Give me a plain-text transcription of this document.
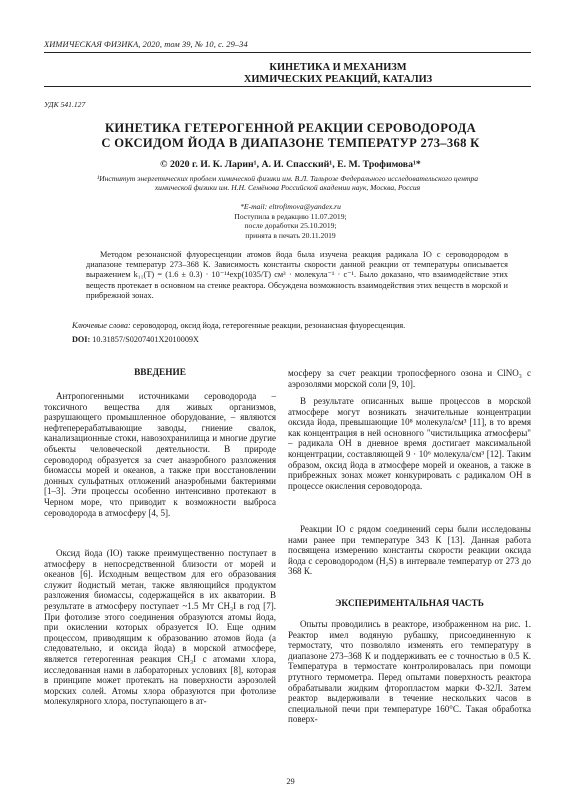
ХИМИЧЕСКАЯ ФИЗИКА, 2020, том 39, № 10, с. 29–34
КИНЕТИКА И МЕХАНИЗМ
ХИМИЧЕСКИХ РЕАКЦИЙ, КАТАЛИЗ
УДК 541.127
КИНЕТИКА ГЕТЕРОГЕННОЙ РЕАКЦИИ СЕРОВОДОРОДА
С ОКСИДОМ ЙОДА В ДИАПАЗОНЕ ТЕМПЕРАТУР 273–368 К
© 2020 г. И. К. Ларин¹, А. И. Спасский¹, Е. М. Трофимова¹*
¹Институт энергетических проблем химической физики им. В.Л. Тальрозе Федерального исследовательского центра
химической физики им. Н.Н. Семёнова Российской академии наук, Москва, Россия
*E-mail: eltrofimova@yandex.ru
Поступила в редакцию 11.07.2019;
после доработки 25.10.2019;
принята в печать 20.11.2019
Методом резонансной флуоресценции атомов йода была изучена реакция радикала IO с сероводородом в диапазоне температур 273–368 К. Зависимость константы скорости данной реакции от температуры описывается выражением k₁₁(T) = (1.6 ± 0.3) · 10⁻¹⁴exp(1035/T) см³ · молекула⁻¹ · с⁻¹. Было доказано, что взаимодействие этих веществ протекает в основном на стенке реактора. Обсуждена возможность взаимодействия этих веществ в морской и прибрежной зонах.
Ключевые слова: сероводород, оксид йода, гетерогенные реакции, резонансная флуоресценция.
DOI: 10.31857/S0207401X2010009X
ВВЕДЕНИЕ
Антропогенными источниками сероводорода – токсичного вещества для живых организмов, разрушающего промышленное оборудование, – являются нефтеперерабатывающие заводы, гниение свалок, канализационные стоки, навозохранилища и многие другие объекты человеческой деятельности. В природе сероводород образуется за счет анаэробного разложения биомассы морей и океанов, а также при восстановлении донных сульфатных отложений анаэробными бактериями [1–3]. Эти процессы особенно интенсивно протекают в Черном море, что приводит к возможности выброса сероводорода в атмосферу [4, 5].
Оксид йода (IO) также преимущественно поступает в атмосферу в непосредственной близости от морей и океанов [6]. Исходным веществом для его образования служит йодистый метан, также являющийся продуктом разложения биомассы, содержащейся в их акватории. В результате в атмосферу поступает ~1.5 Мт CH₃I в год [7]. При фотолизе этого соединения образуются атомы йода, при окислении которых образуется IO. Еще одним процессом, приводящим к образованию атомов йода (а следовательно, и оксида йода) в морской атмосфере, является гетерогенная реакция CH₃I с атомами хлора, исследованная нами в лабораторных условиях [8], которая в принципе может протекать на поверхности аэрозолей морских солей. Атомы хлора образуются при фотолизе молекулярного хлора, поступающего в ат-
мосферу за счет реакции тропосферного озона и ClNO₃ с аэрозолями морской соли [9, 10].
В результате описанных выше процессов в морской атмосфере могут возникать значительные концентрации оксида йода, превышающие 10⁸ молекула/см³ [11], в то время как концентрация в ней основного "чистильщика атмосферы" – радикала OH в дневное время достигает максимальной концентрации, составляющей 9 · 10⁶ молекула/см³ [12]. Таким образом, оксид йода в атмосфере морей и океанов, а также в прибрежных зонах может конкурировать с радикалом OH в процессе окисления сероводорода.
Реакции IO с рядом соединений серы были исследованы нами ранее при температуре 343 К [13]. Данная работа посвящена измерению константы скорости реакции оксида йода с сероводородом (H₂S) в интервале температур от 273 до 368 К.
ЭКСПЕРИМЕНТАЛЬНАЯ ЧАСТЬ
Опыты проводились в реакторе, изображенном на рис. 1. Реактор имел водяную рубашку, присоединенную к термостату, что позволяло изменять его температуру в диапазоне 273–368 К и поддерживать ее с точностью в 0.5 К. Температура в термостате контролировалась при помощи ртутного термометра. Перед опытами поверхность реактора обрабатывали жидким фторопластом марки Ф-32Л. Затем реактор выдерживали в течение нескольких часов в специальной печи при температуре 160°C. Такая обработка поверх-
29
